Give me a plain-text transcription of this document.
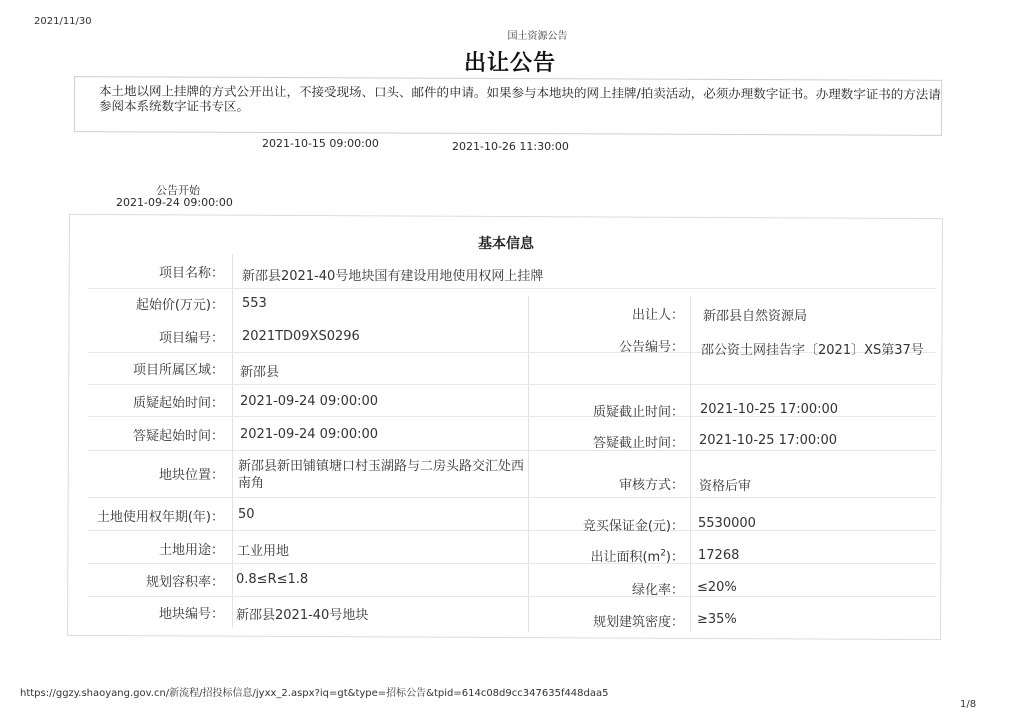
2021/11/30
国土资源公告
出让公告
本土地以网上挂牌的方式公开出让，不接受现场、口头、邮件的申请。如果参与本地块的网上挂牌/拍卖活动，必须办理数字证书。办理数字证书的方法请参阅本系统数字证书专区。
2021-10-15 09:00:00	2021-10-26 11:30:00
公告开始
2021-09-24 09:00:00
基本信息
项目名称：
起始价(万元)：
项目编号：
项目所属区域：
质疑起始时间：
答疑起始时间：
地块位置：
土地使用权年期(年)：
土地用途：
规划容积率：
地块编号：
新邵县2021-40号地块国有建设用地使用权网上挂牌
553
2021TD09XS0296
新邵县
2021-09-24 09:00:00
2021-09-24 09:00:00
新邵县新田铺镇塘口村玉湖路与二房头路交汇处西南角
50
工业用地
0.8≤R≤1.8
新邵县2021-40号地块
出让人：
公告编号：
质疑截止时间：
答疑截止时间：
审核方式：
竞买保证金(元)：
出让面积$(m^2)$：
绿化率：
规划建筑密度：
新邵县自然资源局
邵公资土网挂告字〔2021〕XS第37号
2021-10-25 17:00:00
2021-10-25 17:00:00
资格后审
5530000
17268
≤20%
≥35%
https://ggzy.shaoyang.gov.cn/新流程/招投标信息/jyxx_2.aspx?iq=gt&type=招标公告&tpid=614c08d9cc347635f448daa5
1/8
